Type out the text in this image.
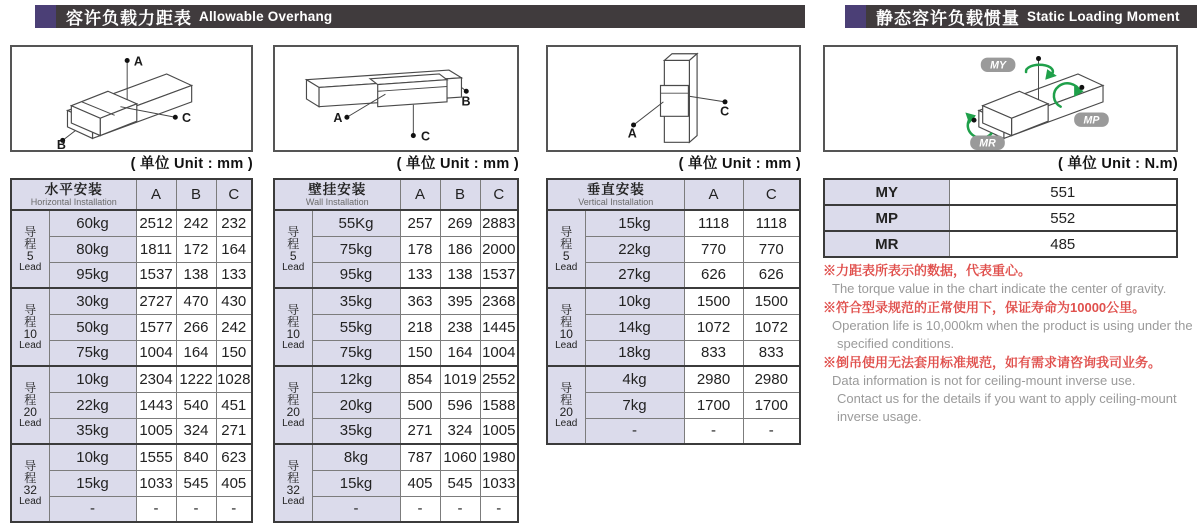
容许负载力距表 Allowable Overhang	静态容许负载惯量 Static Loading Moment
A
B
C	A
B
C	A
C
MY
MP
MR
( 单位 Unit : mm )	( 单位 Unit : mm )	( 单位 Unit : mm )	( 单位 Unit : N.m)
水平安装
Horizontal Installation		A	B	C

导
程
5
Lead	60kg	2512	242	232
	80kg	1811	172	164
	95kg	1537	138	133

导
程
10
Lead	30kg	2727	470	430
	50kg	1577	266	242
	75kg	1004	164	150

导
程
20
Lead	10kg	2304	1222	1028
	22kg	1443	540	451
	35kg	1005	324	271

导
程
32
Lead	10kg	1555	840	623
	15kg	1033	545	405
	-	-	-	-
壁挂安装
Wall Installation		A	B	C

导
程
5
Lead	55Kg	257	269	2883
	75kg	178	186	2000
	95kg	133	138	1537

导
程
10
Lead	35kg	363	395	2368
	55kg	218	238	1445
	75kg	150	164	1004

导
程
20
Lead	12kg	854	1019	2552
	20kg	500	596	1588
	35kg	271	324	1005

导
程
32
Lead	8kg	787	1060	1980
	15kg	405	545	1033
	-	-	-	-
垂直安装
Vertical Installation		A	C

导
程
5
Lead	15kg	1118	1118
	22kg	770	770
	27kg	626	626

导
程
10
Lead	10kg	1500	1500
	14kg	1072	1072
	18kg	833	833

导
程
20
Lead	4kg	2980	2980
	7kg	1700	1700
	-	-	-
MY	551
MP	552
MR	485
※力距表所表示的数据，代表重心。
The torque value in the chart indicate the center of gravity.
※符合型录规范的正常使用下，保证寿命为10000公里。
Operation life is 10,000km when the product is using under the
specified conditions.
※倒吊使用无法套用标准规范，如有需求请咨询我司业务。
Data information is not for ceiling-mount inverse use.
Contact us for the details if you want to apply ceiling-mount
inverse usage.
